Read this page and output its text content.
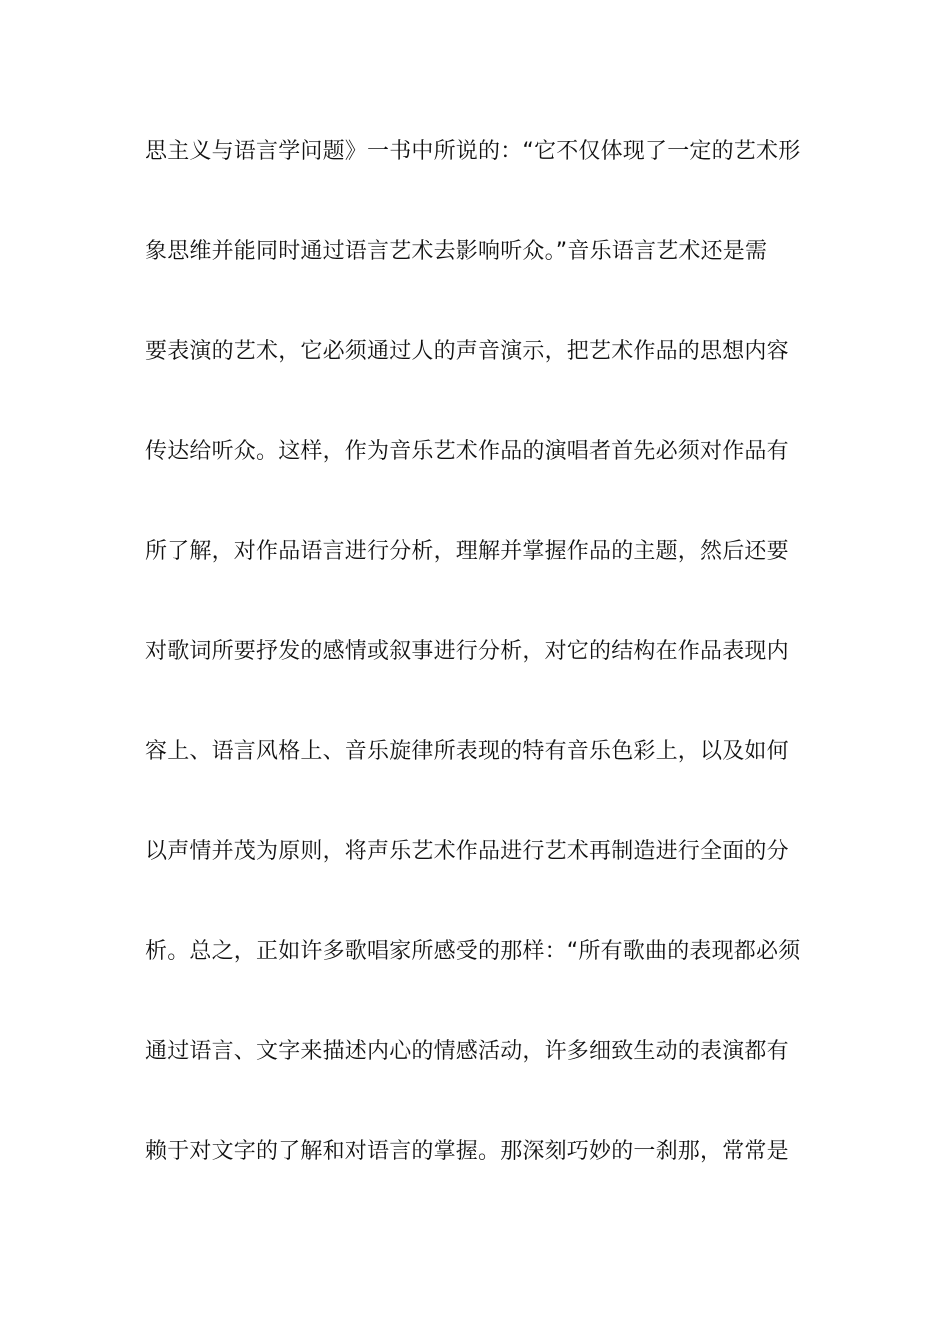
思主义与语言学问题》一书中所说的：“它不仅体现了一定的艺术形
象思维并能同时通过语言艺术去影响听众。”音乐语言艺术还是需
要表演的艺术，它必须通过人的声音演示，把艺术作品的思想内容
传达给听众。这样，作为音乐艺术作品的演唱者首先必须对作品有
所了解，对作品语言进行分析，理解并掌握作品的主题，然后还要
对歌词所要抒发的感情或叙事进行分析，对它的结构在作品表现内
容上、语言风格上、音乐旋律所表现的特有音乐色彩上，以及如何
以声情并茂为原则，将声乐艺术作品进行艺术再制造进行全面的分
析。总之，正如许多歌唱家所感受的那样：“所有歌曲的表现都必须
通过语言、文字来描述内心的情感活动，许多细致生动的表演都有
赖于对文字的了解和对语言的掌握。那深刻巧妙的一刹那，常常是
